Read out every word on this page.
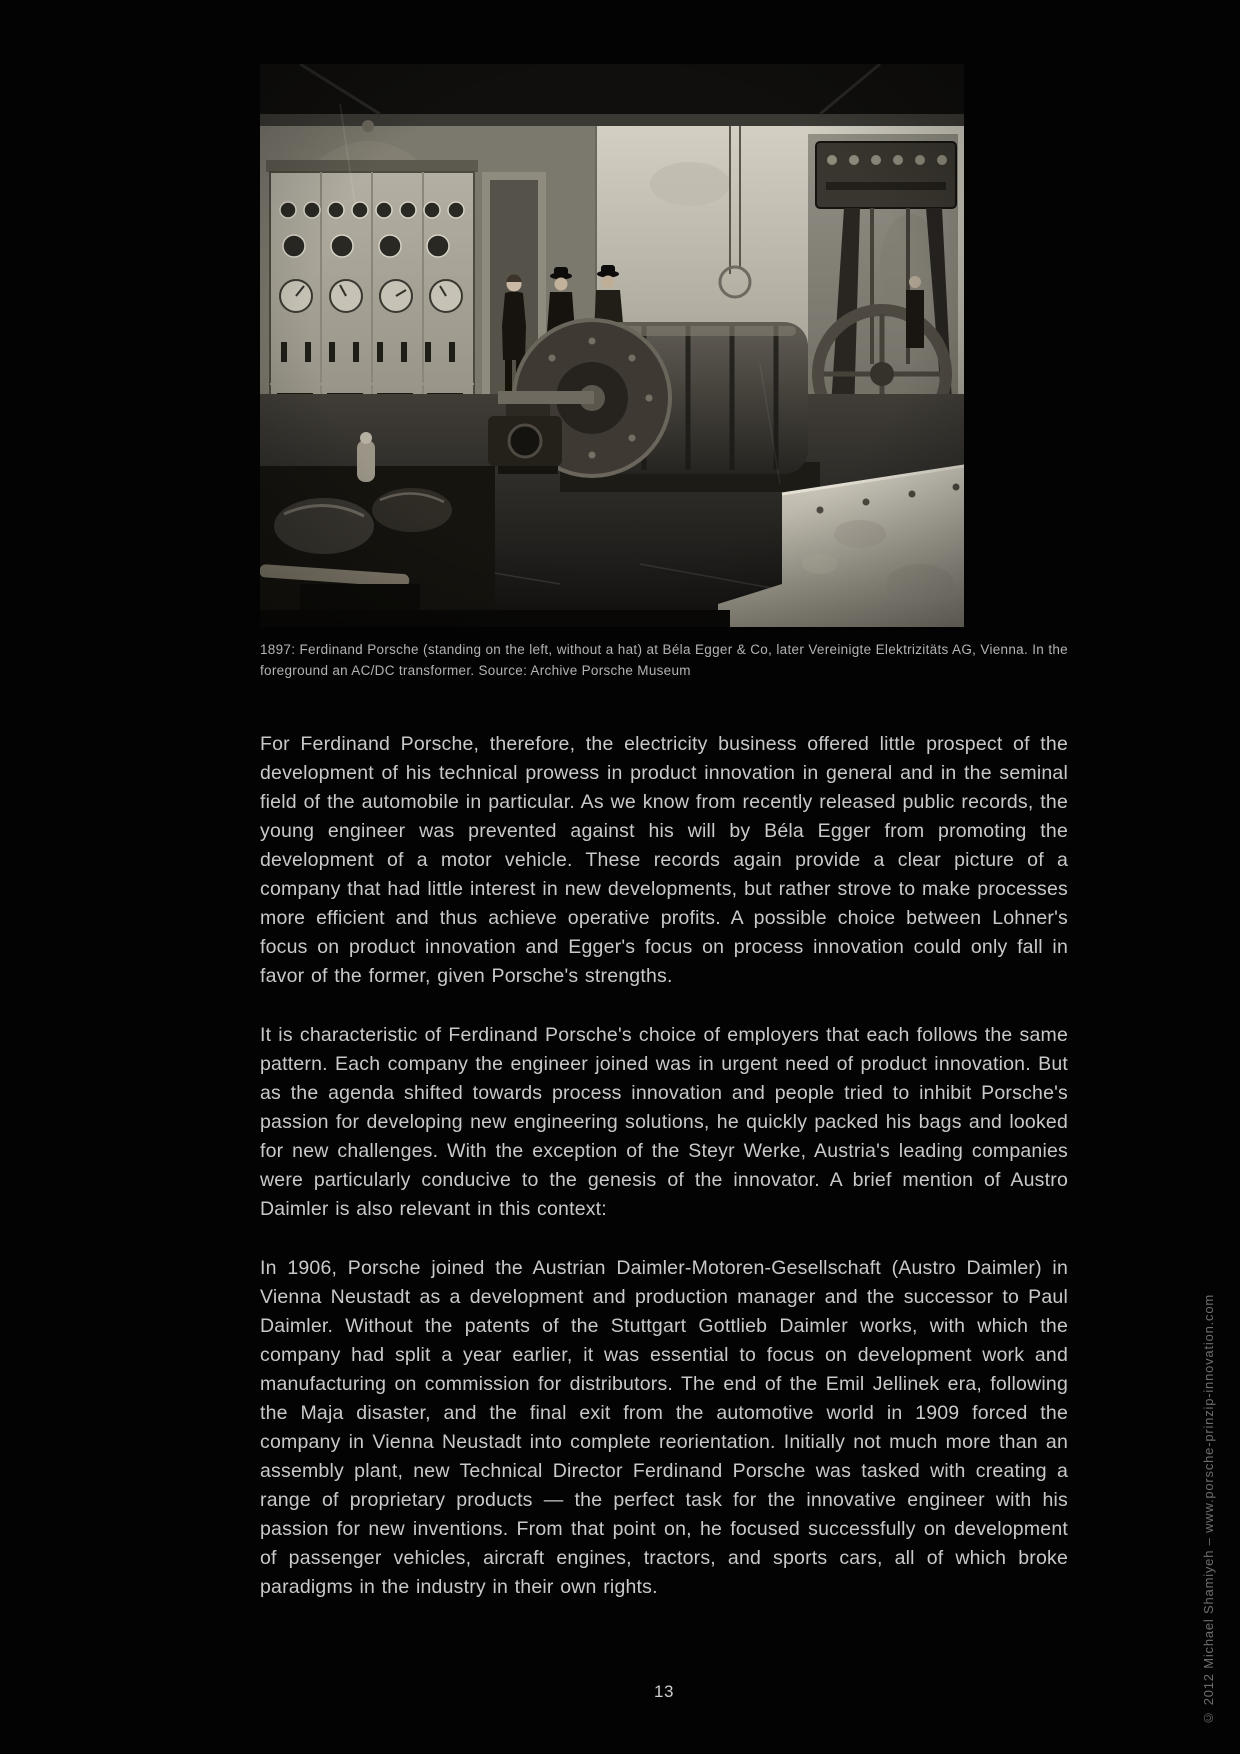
1897: Ferdinand Porsche (standing on the left, without a hat) at Béla Egger & Co, later Vereinigte Elektrizitäts AG, Vienna. In the foreground an AC/DC transformer. Source: Archive Porsche Museum

For Ferdinand Porsche, therefore, the electricity business offered little prospect of the development of his technical prowess in product innovation in general and in the seminal field of the automobile in particular. As we know from recently released public records, the young engineer was prevented against his will by Béla Egger from promoting the development of a motor vehicle. These records again provide a clear picture of a company that had little interest in new developments, but rather strove to make processes more efficient and thus achieve operative profits. A possible choice between Lohner's focus on product innovation and Egger's focus on process innovation could only fall in favor of the former, given Porsche's strengths.

It is characteristic of Ferdinand Porsche's choice of employers that each follows the same pattern. Each company the engineer joined was in urgent need of product innovation. But as the agenda shifted towards process innovation and people tried to inhibit Porsche's passion for developing new engineering solutions, he quickly packed his bags and looked for new challenges. With the exception of the Steyr Werke, Austria's leading companies were particularly conducive to the genesis of the innovator. A brief mention of Austro Daimler is also relevant in this context:

In 1906, Porsche joined the Austrian Daimler-Motoren-Gesellschaft (Austro Daimler) in Vienna Neustadt as a development and production manager and the successor to Paul Daimler. Without the patents of the Stuttgart Gottlieb Daimler works, with which the company had split a year earlier, it was essential to focus on development work and manufacturing on commission for distributors. The end of the Emil Jellinek era, following the Maja disaster, and the final exit from the automotive world in 1909 forced the company in Vienna Neustadt into complete reorientation. Initially not much more than an assembly plant, new Technical Director Ferdinand Porsche was tasked with creating a range of proprietary products — the perfect task for the innovative engineer with his passion for new inventions. From that point on, he focused successfully on development of passenger vehicles, aircraft engines, tractors, and sports cars, all of which broke paradigms in the industry in their own rights.

13	© 2012 Michael Shamiyeh – www.porsche-prinzip-innovation.com
